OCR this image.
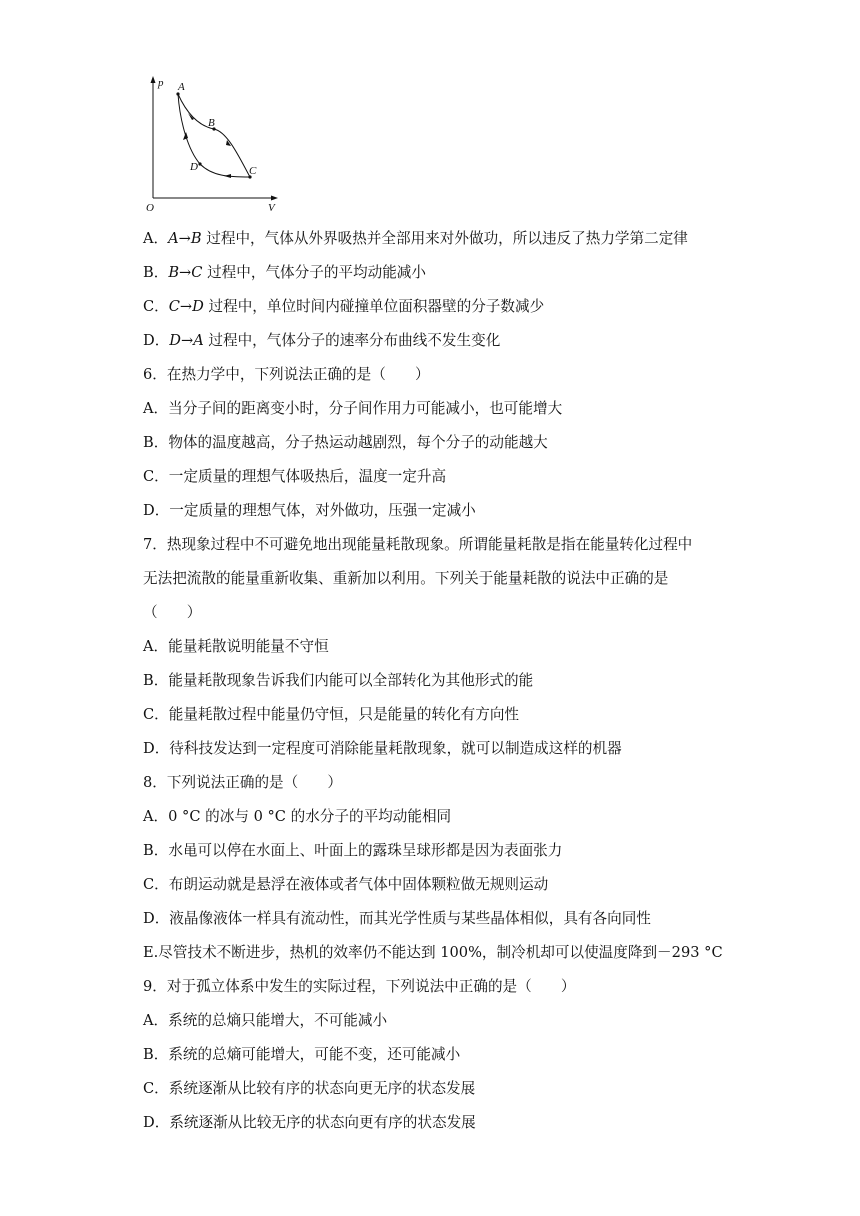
p
V
O
A
B
C
D
A．A→B 过程中，气体从外界吸热并全部用来对外做功，所以违反了热力学第二定律
B．B→C 过程中，气体分子的平均动能减小
C．C→D 过程中，单位时间内碰撞单位面积器壁的分子数减少
D．D→A 过程中，气体分子的速率分布曲线不发生变化
6．在热力学中，下列说法正确的是（　　）
A．当分子间的距离变小时，分子间作用力可能减小，也可能增大
B．物体的温度越高，分子热运动越剧烈，每个分子的动能越大
C．一定质量的理想气体吸热后，温度一定升高
D．一定质量的理想气体，对外做功，压强一定减小
7．热现象过程中不可避免地出现能量耗散现象。所谓能量耗散是指在能量转化过程中
无法把流散的能量重新收集、重新加以利用。下列关于能量耗散的说法中正确的是
（　　）
A．能量耗散说明能量不守恒
B．能量耗散现象告诉我们内能可以全部转化为其他形式的能
C．能量耗散过程中能量仍守恒，只是能量的转化有方向性
D．待科技发达到一定程度可消除能量耗散现象，就可以制造成这样的机器
8．下列说法正确的是（　　）
A．0 °C 的冰与 0 °C 的水分子的平均动能相同
B．水黾可以停在水面上、叶面上的露珠呈球形都是因为表面张力
C．布朗运动就是悬浮在液体或者气体中固体颗粒做无规则运动
D．液晶像液体一样具有流动性，而其光学性质与某些晶体相似，具有各向同性
E.尽管技术不断进步，热机的效率仍不能达到 100%，制冷机却可以使温度降到－293 °C
9．对于孤立体系中发生的实际过程，下列说法中正确的是（　　）
A．系统的总熵只能增大，不可能减小
B．系统的总熵可能增大，可能不变，还可能减小
C．系统逐渐从比较有序的状态向更无序的状态发展
D．系统逐渐从比较无序的状态向更有序的状态发展
